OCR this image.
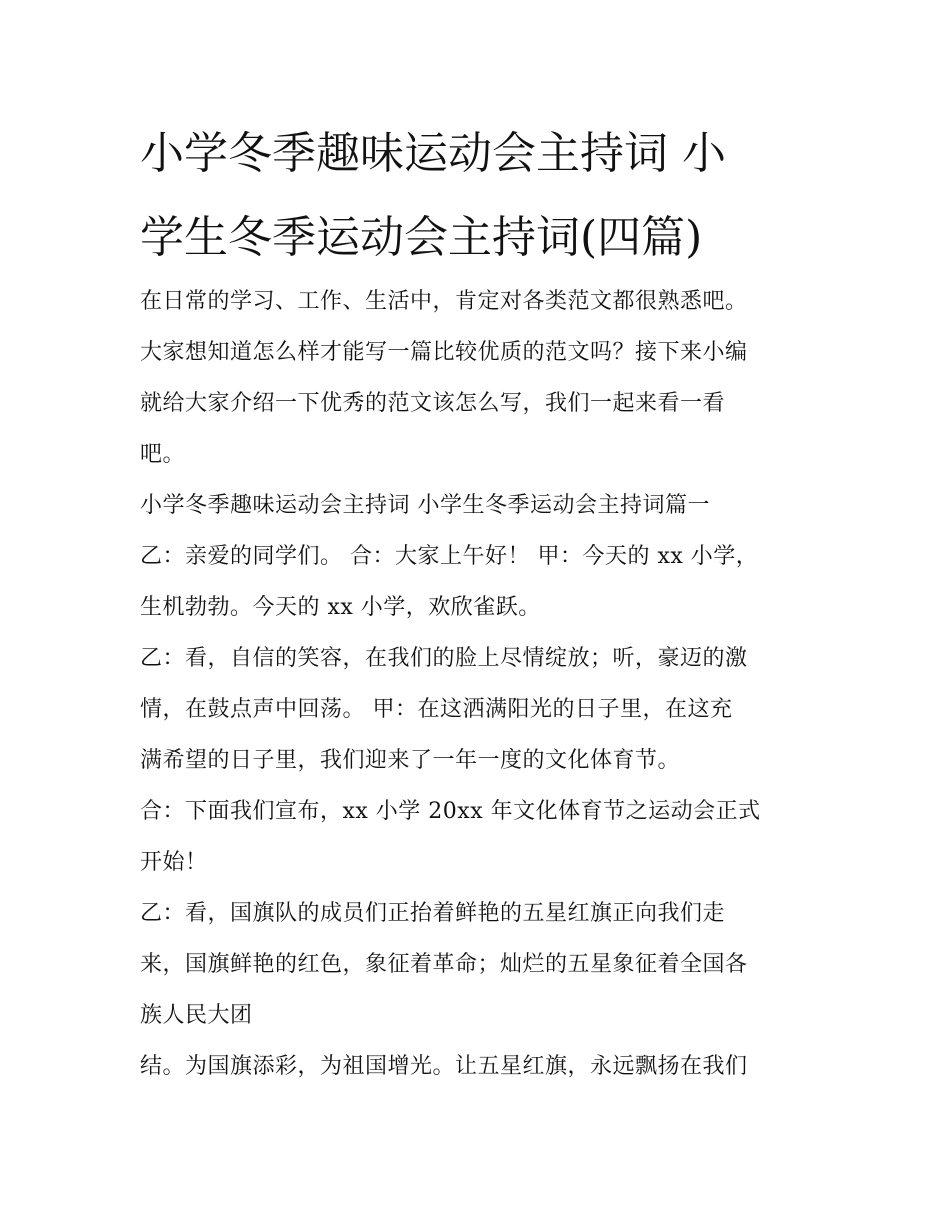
小学冬季趣味运动会主持词 小
学生冬季运动会主持词(四篇)
在日常的学习、工作、生活中，肯定对各类范文都很熟悉吧。
大家想知道怎么样才能写一篇比较优质的范文吗？接下来小编
就给大家介绍一下优秀的范文该怎么写，我们一起来看一看
吧。
小学冬季趣味运动会主持词 小学生冬季运动会主持词篇一
乙：亲爱的同学们。 合：大家上午好！ 甲：今天的 xx 小学，
生机勃勃。今天的 xx 小学，欢欣雀跃。
乙：看，自信的笑容，在我们的脸上尽情绽放；听，豪迈的激
情，在鼓点声中回荡。 甲：在这洒满阳光的日子里，在这充
满希望的日子里，我们迎来了一年一度的文化体育节。
合：下面我们宣布，xx 小学 20xx 年文化体育节之运动会正式
开始！
乙：看，国旗队的成员们正抬着鲜艳的五星红旗正向我们走
来，国旗鲜艳的红色，象征着革命；灿烂的五星象征着全国各
族人民大团
结。为国旗添彩，为祖国增光。让五星红旗，永远飘扬在我们
